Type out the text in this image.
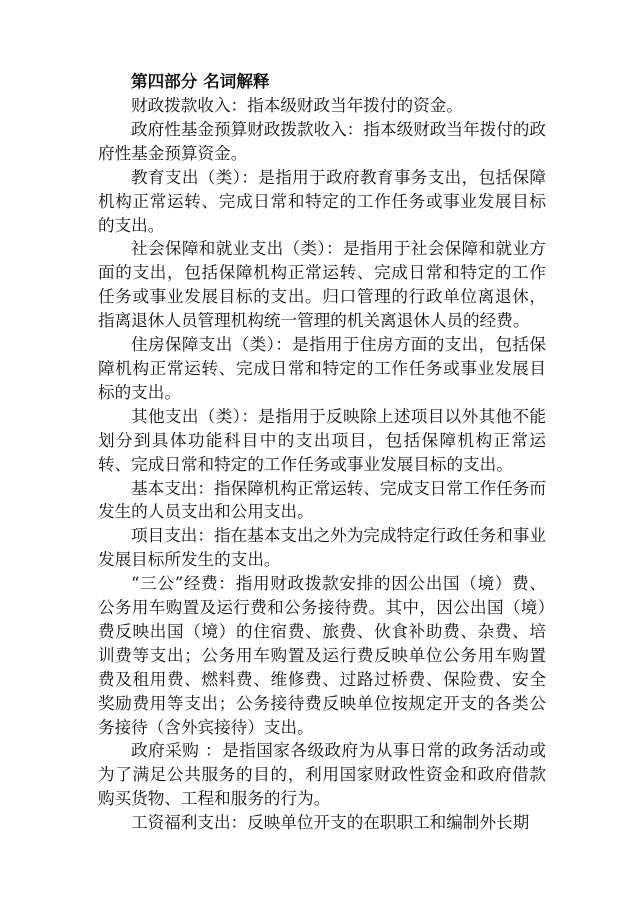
第四部分 名词解释

财政拨款收入：指本级财政当年拨付的资金。

政府性基金预算财政拨款收入：指本级财政当年拨付的政府性基金预算资金。

教育支出（类）：是指用于政府教育事务支出，包括保障机构正常运转、完成日常和特定的工作任务或事业发展目标的支出。

社会保障和就业支出（类）：是指用于社会保障和就业方面的支出，包括保障机构正常运转、完成日常和特定的工作任务或事业发展目标的支出。归口管理的行政单位离退休，指离退休人员管理机构统一管理的机关离退休人员的经费。

住房保障支出（类）：是指用于住房方面的支出，包括保障机构正常运转、完成日常和特定的工作任务或事业发展目标的支出。

其他支出（类）：是指用于反映除上述项目以外其他不能划分到具体功能科目中的支出项目，包括保障机构正常运转、完成日常和特定的工作任务或事业发展目标的支出。

基本支出：指保障机构正常运转、完成支日常工作任务而发生的人员支出和公用支出。

项目支出：指在基本支出之外为完成特定行政任务和事业发展目标所发生的支出。

“三公”经费：指用财政拨款安排的因公出国（境）费、公务用车购置及运行费和公务接待费。其中，因公出国（境）费反映出国（境）的住宿费、旅费、伙食补助费、杂费、培训费等支出；公务用车购置及运行费反映单位公务用车购置费及租用费、燃料费、维修费、过路过桥费、保险费、安全奖励费用等支出；公务接待费反映单位按规定开支的各类公务接待（含外宾接待）支出。

政府采购 ：是指国家各级政府为从事日常的政务活动或为了满足公共服务的目的，利用国家财政性资金和政府借款购买货物、工程和服务的行为。

工资福利支出：反映单位开支的在职职工和编制外长期
